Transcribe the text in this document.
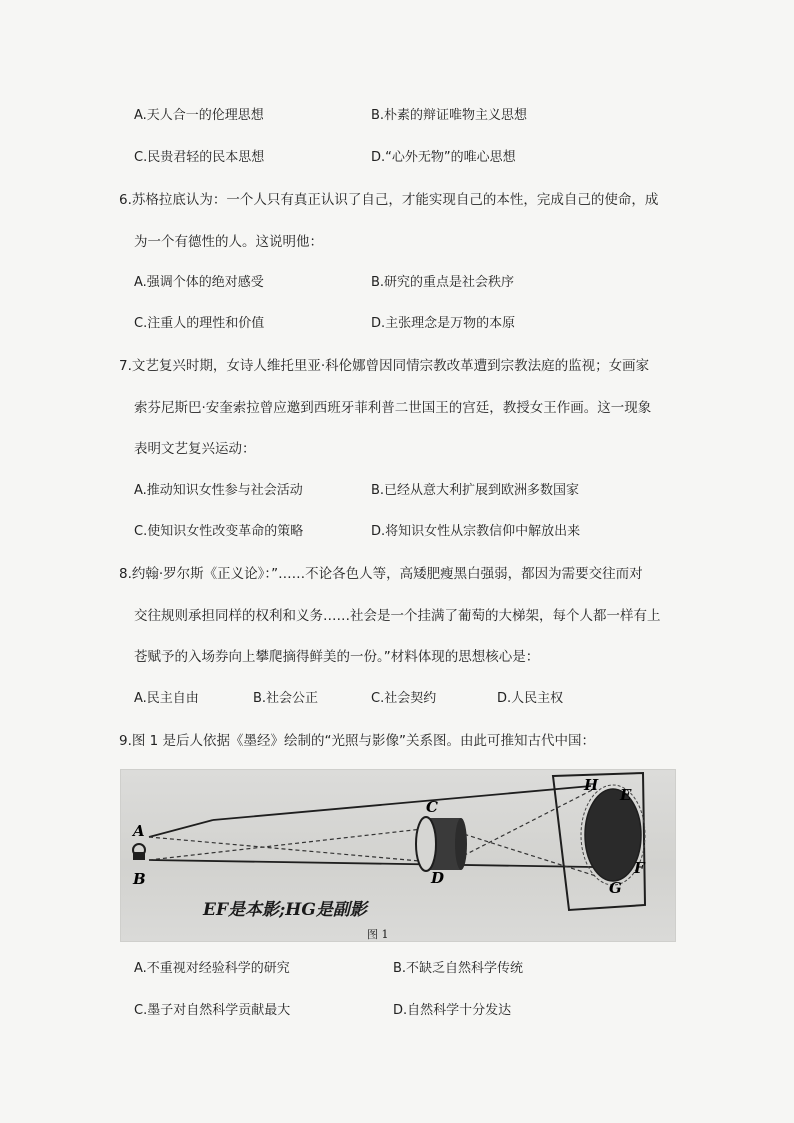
A.天人合一的伦理思想	B.朴素的辩证唯物主义思想
C.民贵君轻的民本思想	D.“心外无物”的唯心思想
6.苏格拉底认为：一个人只有真正认识了自己，才能实现自己的本性，完成自己的使命，成
为一个有德性的人。这说明他：
A.强调个体的绝对感受	B.研究的重点是社会秩序
C.注重人的理性和价值	D.主张理念是万物的本原
7.文艺复兴时期，女诗人维托里亚·科伦娜曾因同情宗教改革遭到宗教法庭的监视；女画家
索芬尼斯巴·安奎索拉曾应邀到西班牙菲利普二世国王的宫廷，教授女王作画。这一现象
表明文艺复兴运动：
A.推动知识女性参与社会活动	B.已经从意大利扩展到欧洲多数国家
C.使知识女性改变革命的策略	D.将知识女性从宗教信仰中解放出来
8.约翰·罗尔斯《正义论》：”……不论各色人等，高矮肥瘦黑白强弱，都因为需要交往而对
交往规则承担同样的权利和义务……社会是一个挂满了葡萄的大梯架，每个人都一样有上
苍赋予的入场券向上攀爬摘得鲜美的一份。”材料体现的思想核心是：
A.民主自由	B.社会公正	C.社会契约	D.人民主权
9.图 1 是后人依据《墨经》绘制的“光照与影像”关系图。由此可推知古代中国：
A
B
C
D
E
F
G
H
EF是本影;HG是副影
图 1
A.不重视对经验科学的研究	B.不缺乏自然科学传统
C.墨子对自然科学贡献最大	D.自然科学十分发达
